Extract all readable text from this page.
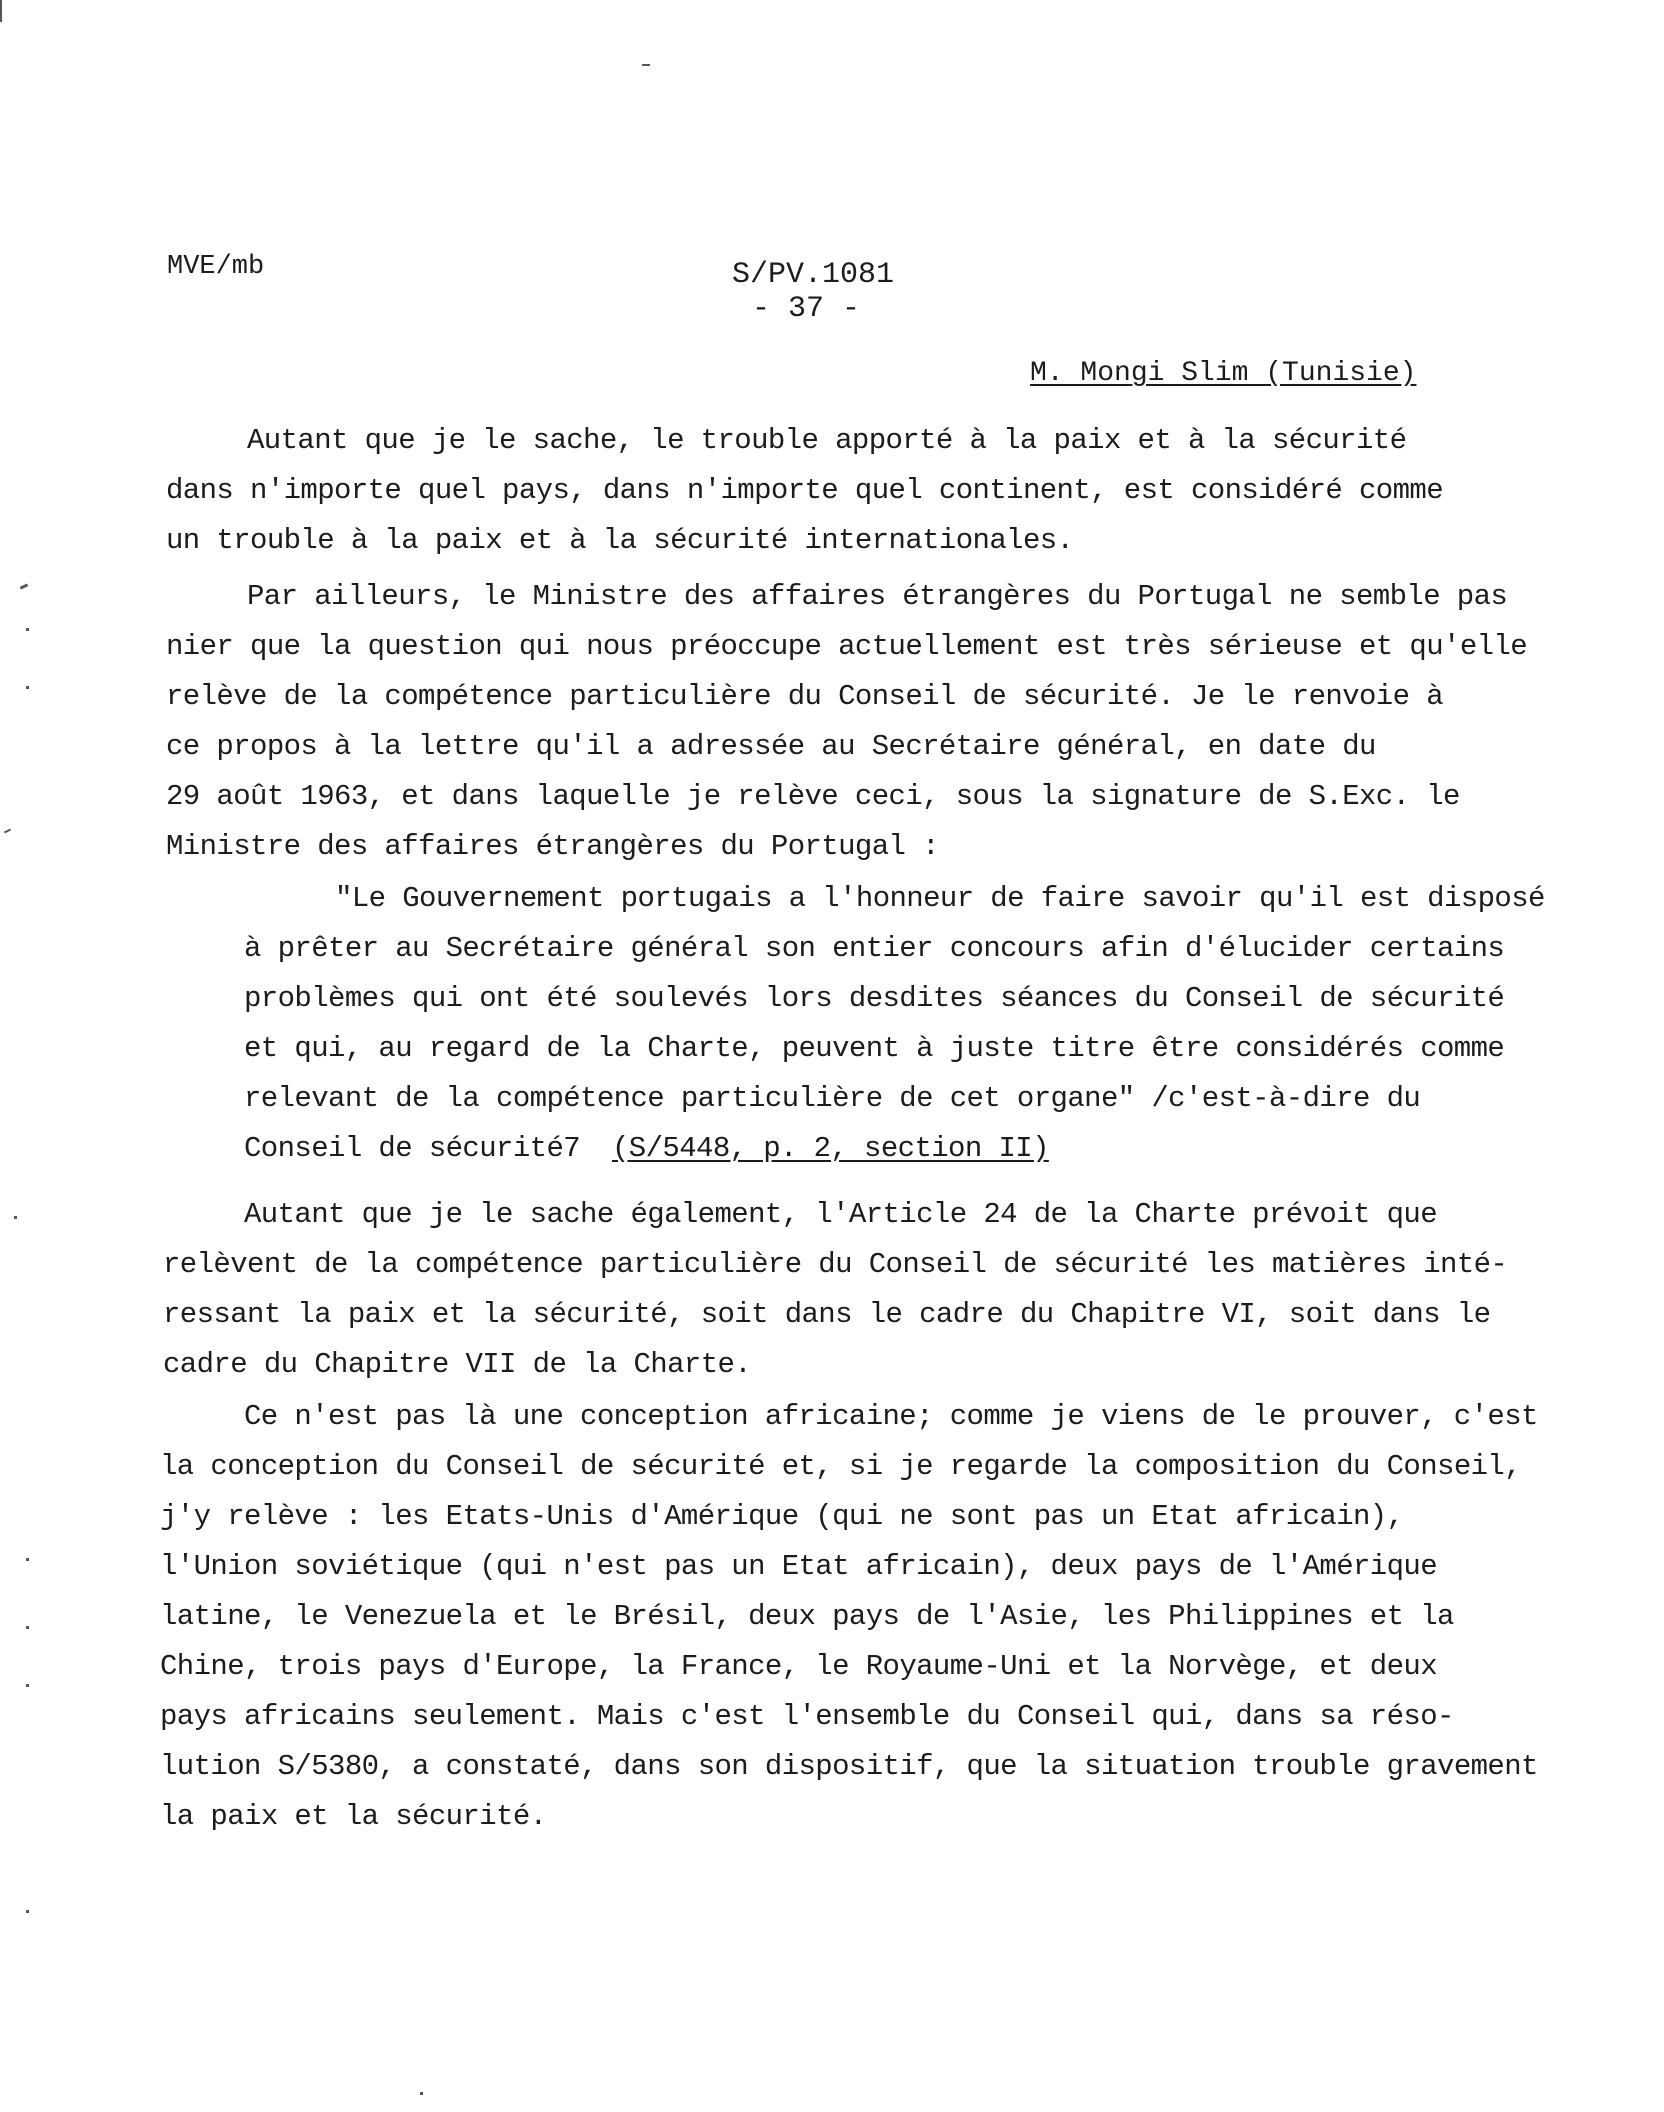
MVE/mb	S/PV.1081
- 37 -
M. Mongi Slim (Tunisie)
Autant que je le sache, le trouble apporté à la paix et à la sécurité
dans n'importe quel pays, dans n'importe quel continent, est considéré comme
un trouble à la paix et à la sécurité internationales.
Par ailleurs, le Ministre des affaires étrangères du Portugal ne semble pas
nier que la question qui nous préoccupe actuellement est très sérieuse et qu'elle
relève de la compétence particulière du Conseil de sécurité. Je le renvoie à
ce propos à la lettre qu'il a adressée au Secrétaire général, en date du
29 août 1963, et dans laquelle je relève ceci, sous la signature de S.Exc. le
Ministre des affaires étrangères du Portugal :
"Le Gouvernement portugais a l'honneur de faire savoir qu'il est disposé
à prêter au Secrétaire général son entier concours afin d'élucider certains
problèmes qui ont été soulevés lors desdites séances du Conseil de sécurité
et qui, au regard de la Charte, peuvent à juste titre être considérés comme
relevant de la compétence particulière de cet organe" /c'est-à-dire du
Conseil de sécurité7 (S/5448, p. 2, section II)
Autant que je le sache également, l'Article 24 de la Charte prévoit que
relèvent de la compétence particulière du Conseil de sécurité les matières inté-
ressant la paix et la sécurité, soit dans le cadre du Chapitre VI, soit dans le
cadre du Chapitre VII de la Charte.
Ce n'est pas là une conception africaine; comme je viens de le prouver, c'est
la conception du Conseil de sécurité et, si je regarde la composition du Conseil,
j'y relève : les Etats-Unis d'Amérique (qui ne sont pas un Etat africain),
l'Union soviétique (qui n'est pas un Etat africain), deux pays de l'Amérique
latine, le Venezuela et le Brésil, deux pays de l'Asie, les Philippines et la
Chine, trois pays d'Europe, la France, le Royaume-Uni et la Norvège, et deux
pays africains seulement. Mais c'est l'ensemble du Conseil qui, dans sa réso-
lution S/5380, a constaté, dans son dispositif, que la situation trouble gravement
la paix et la sécurité.
